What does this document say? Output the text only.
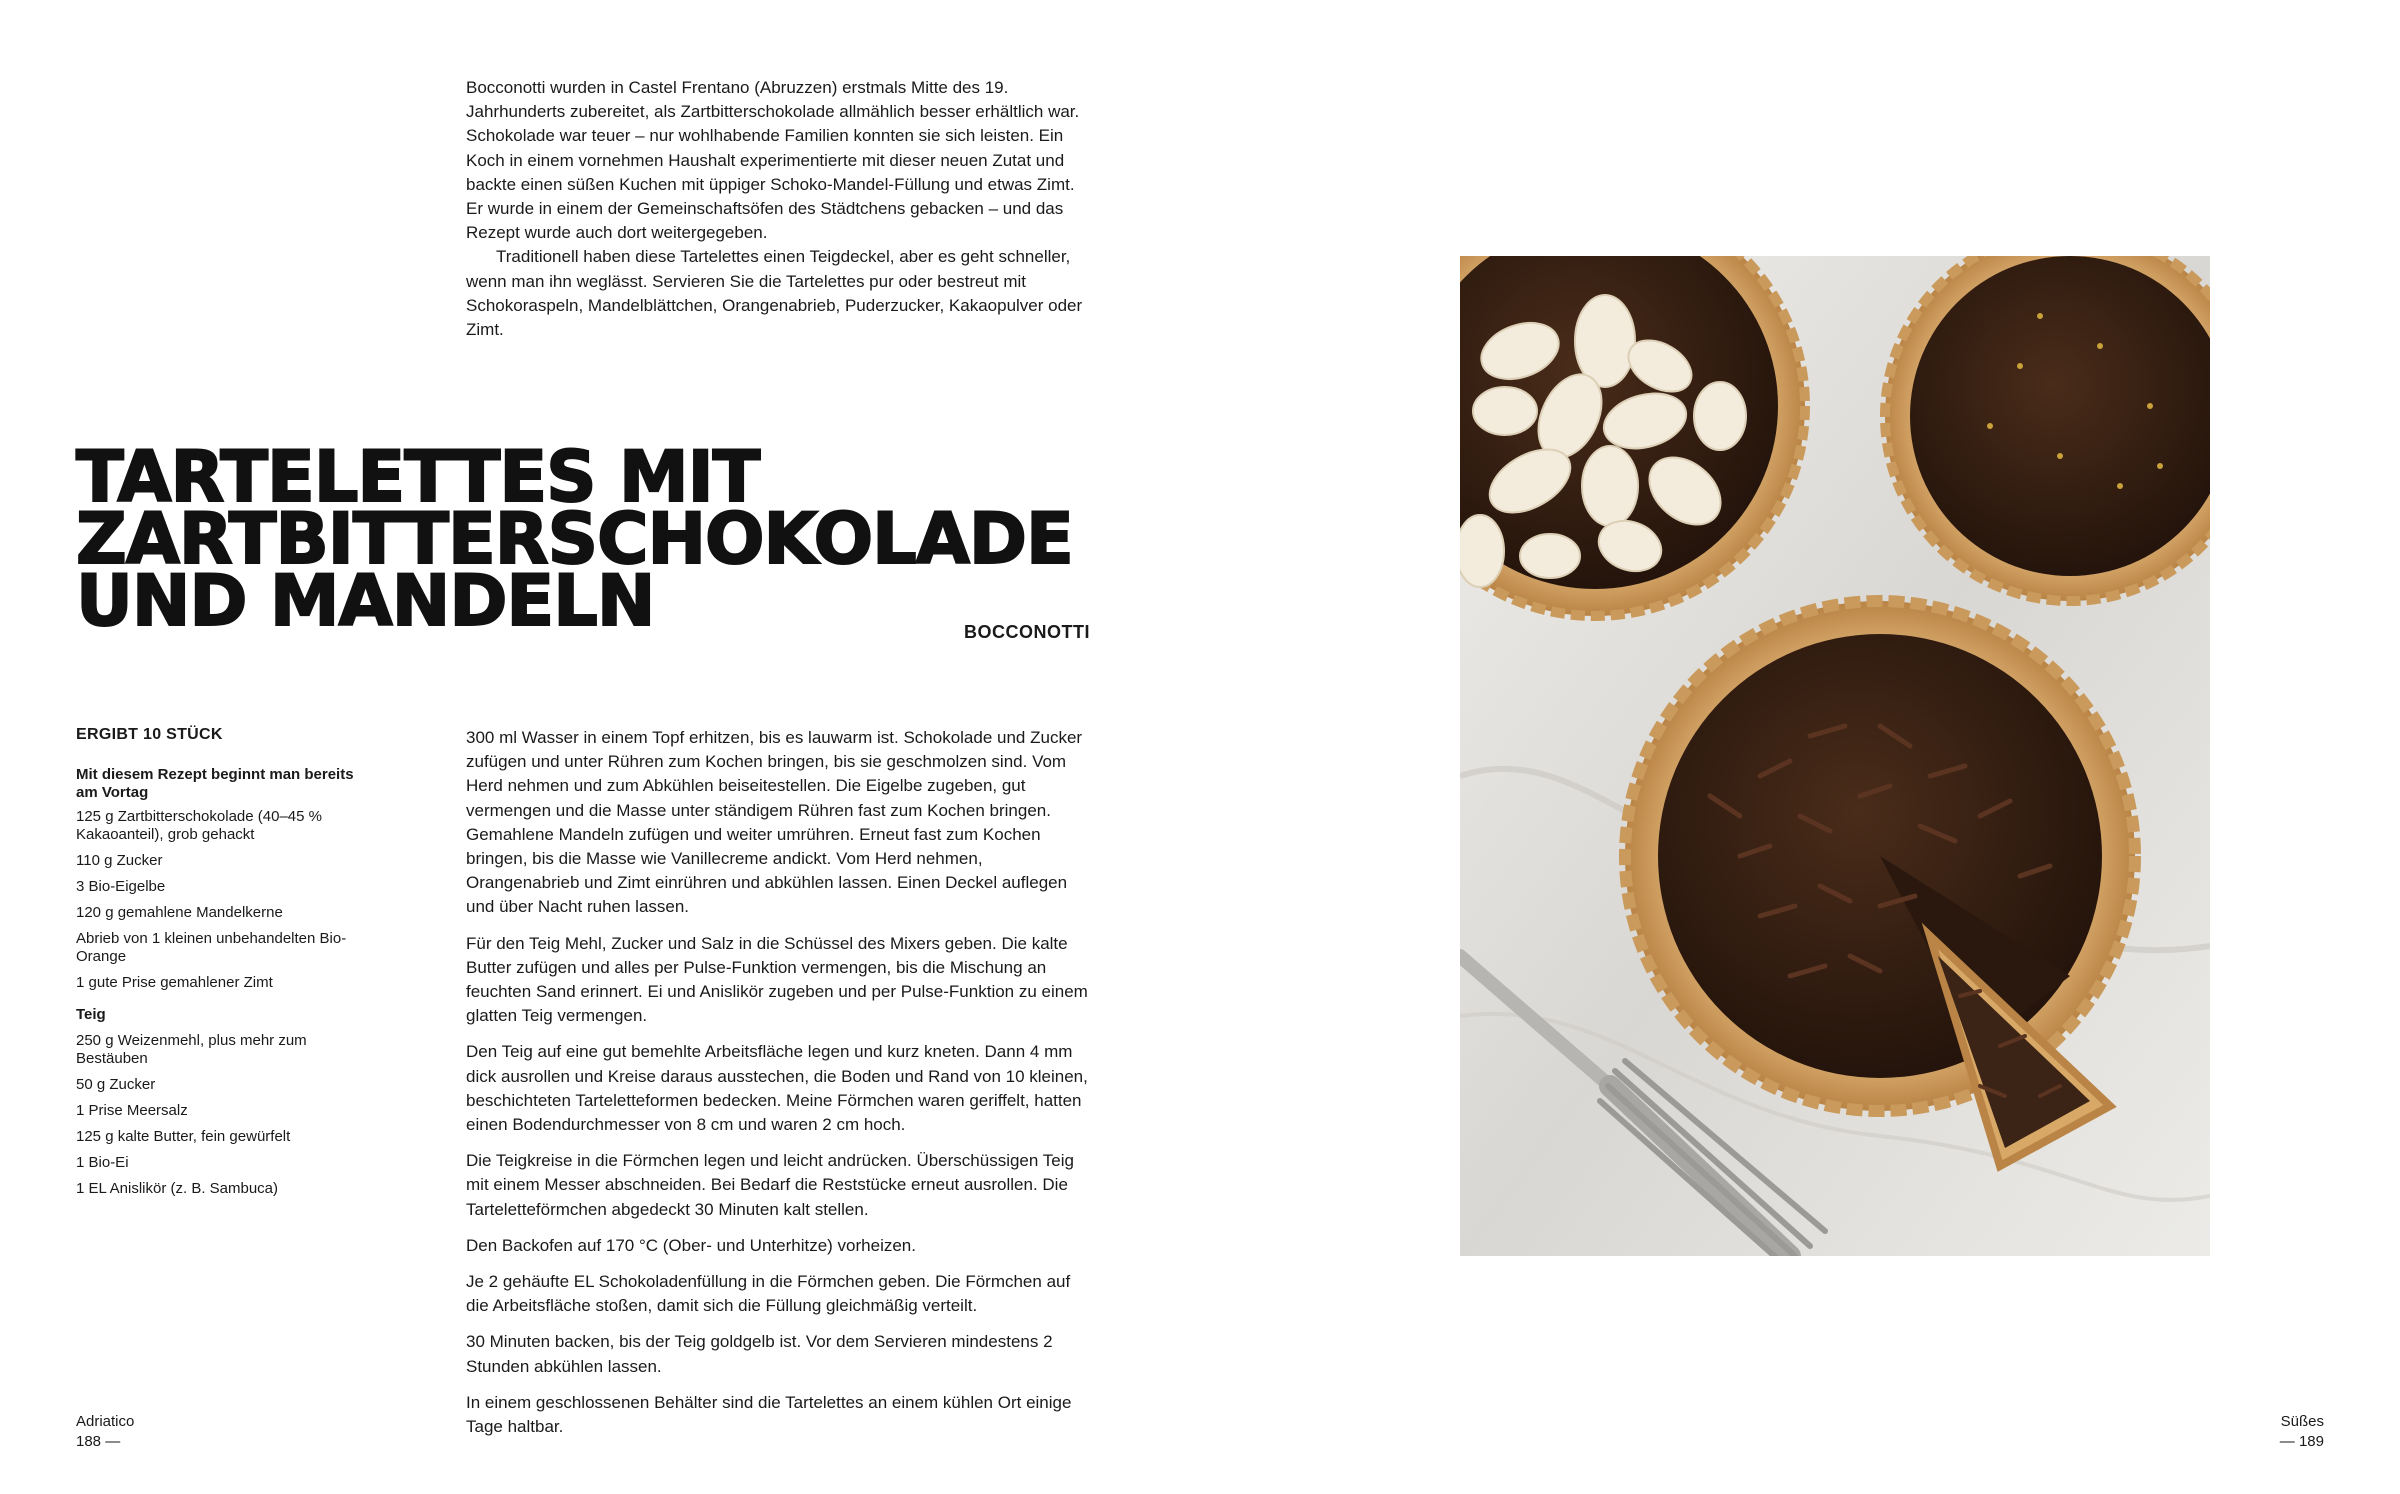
Bocconotti wurden in Castel Frentano (Abruzzen) erstmals Mitte des 19. Jahrhunderts zubereitet, als Zartbitterschokolade allmählich besser erhältlich war. Schokolade war teuer – nur wohlhabende Familien konnten sie sich leisten. Ein Koch in einem vornehmen Haushalt experimentierte mit dieser neuen Zutat und backte einen süßen Kuchen mit üppiger Schoko-Mandel-Füllung und etwas Zimt. Er wurde in einem der Gemeinschaftsöfen des Städtchens gebacken – und das Rezept wurde auch dort weitergegeben.

Traditionell haben diese Tartelettes einen Teigdeckel, aber es geht schneller, wenn man ihn weglässt. Servieren Sie die Tartelettes pur oder bestreut mit Schokoraspeln, Mandelblättchen, Orangenabrieb, Puderzucker, Kakaopulver oder Zimt.

TARTELETTES MIT
ZARTBITTERSCHOKOLADE
UND MANDELN	BOCCONOTTI
ERGIBT 10 STÜCK
Mit diesem Rezept beginnt man bereits am Vortag
125 g Zartbitterschokolade (40–45 % Kakaoanteil), grob gehackt
110 g Zucker
3 Bio-Eigelbe
120 g gemahlene Mandelkerne
Abrieb von 1 kleinen unbehandelten Bio-Orange
1 gute Prise gemahlener Zimt
Teig
250 g Weizenmehl, plus mehr zum Bestäuben
50 g Zucker
1 Prise Meersalz
125 g kalte Butter, fein gewürfelt
1 Bio-Ei
1 EL Anislikör (z. B. Sambuca)

300 ml Wasser in einem Topf erhitzen, bis es lauwarm ist. Schokolade und Zucker zufügen und unter Rühren zum Kochen bringen, bis sie geschmolzen sind. Vom Herd nehmen und zum Abkühlen beiseitestellen. Die Eigelbe zugeben, gut vermengen und die Masse unter ständigem Rühren fast zum Kochen bringen. Gemahlene Mandeln zufügen und weiter umrühren. Erneut fast zum Kochen bringen, bis die Masse wie Vanillecreme andickt. Vom Herd nehmen, Orangenabrieb und Zimt einrühren und abkühlen lassen. Einen Deckel auflegen und über Nacht ruhen lassen.

Für den Teig Mehl, Zucker und Salz in die Schüssel des Mixers geben. Die kalte Butter zufügen und alles per Pulse-Funktion vermengen, bis die Mischung an feuchten Sand erinnert. Ei und Anislikör zugeben und per Pulse-Funktion zu einem glatten Teig vermengen.

Den Teig auf eine gut bemehlte Arbeitsfläche legen und kurz kneten. Dann 4 mm dick ausrollen und Kreise daraus ausstechen, die Boden und Rand von 10 kleinen, beschichteten Tarteletteformen bedecken. Meine Förmchen waren geriffelt, hatten einen Bodendurchmesser von 8 cm und waren 2 cm hoch.

Die Teigkreise in die Förmchen legen und leicht andrücken. Überschüssigen Teig mit einem Messer abschneiden. Bei Bedarf die Reststücke erneut ausrollen. Die Tarteletteförmchen abgedeckt 30 Minuten kalt stellen.

Den Backofen auf 170 °C (Ober- und Unterhitze) vorheizen.

Je 2 gehäufte EL Schokoladenfüllung in die Förmchen geben. Die Förmchen auf die Arbeitsfläche stoßen, damit sich die Füllung gleichmäßig verteilt.

30 Minuten backen, bis der Teig goldgelb ist. Vor dem Servieren mindestens 2 Stunden abkühlen lassen.

In einem geschlossenen Behälter sind die Tartelettes an einem kühlen Ort einige Tage haltbar.

Adriatico
188 —
Süßes
— 189
